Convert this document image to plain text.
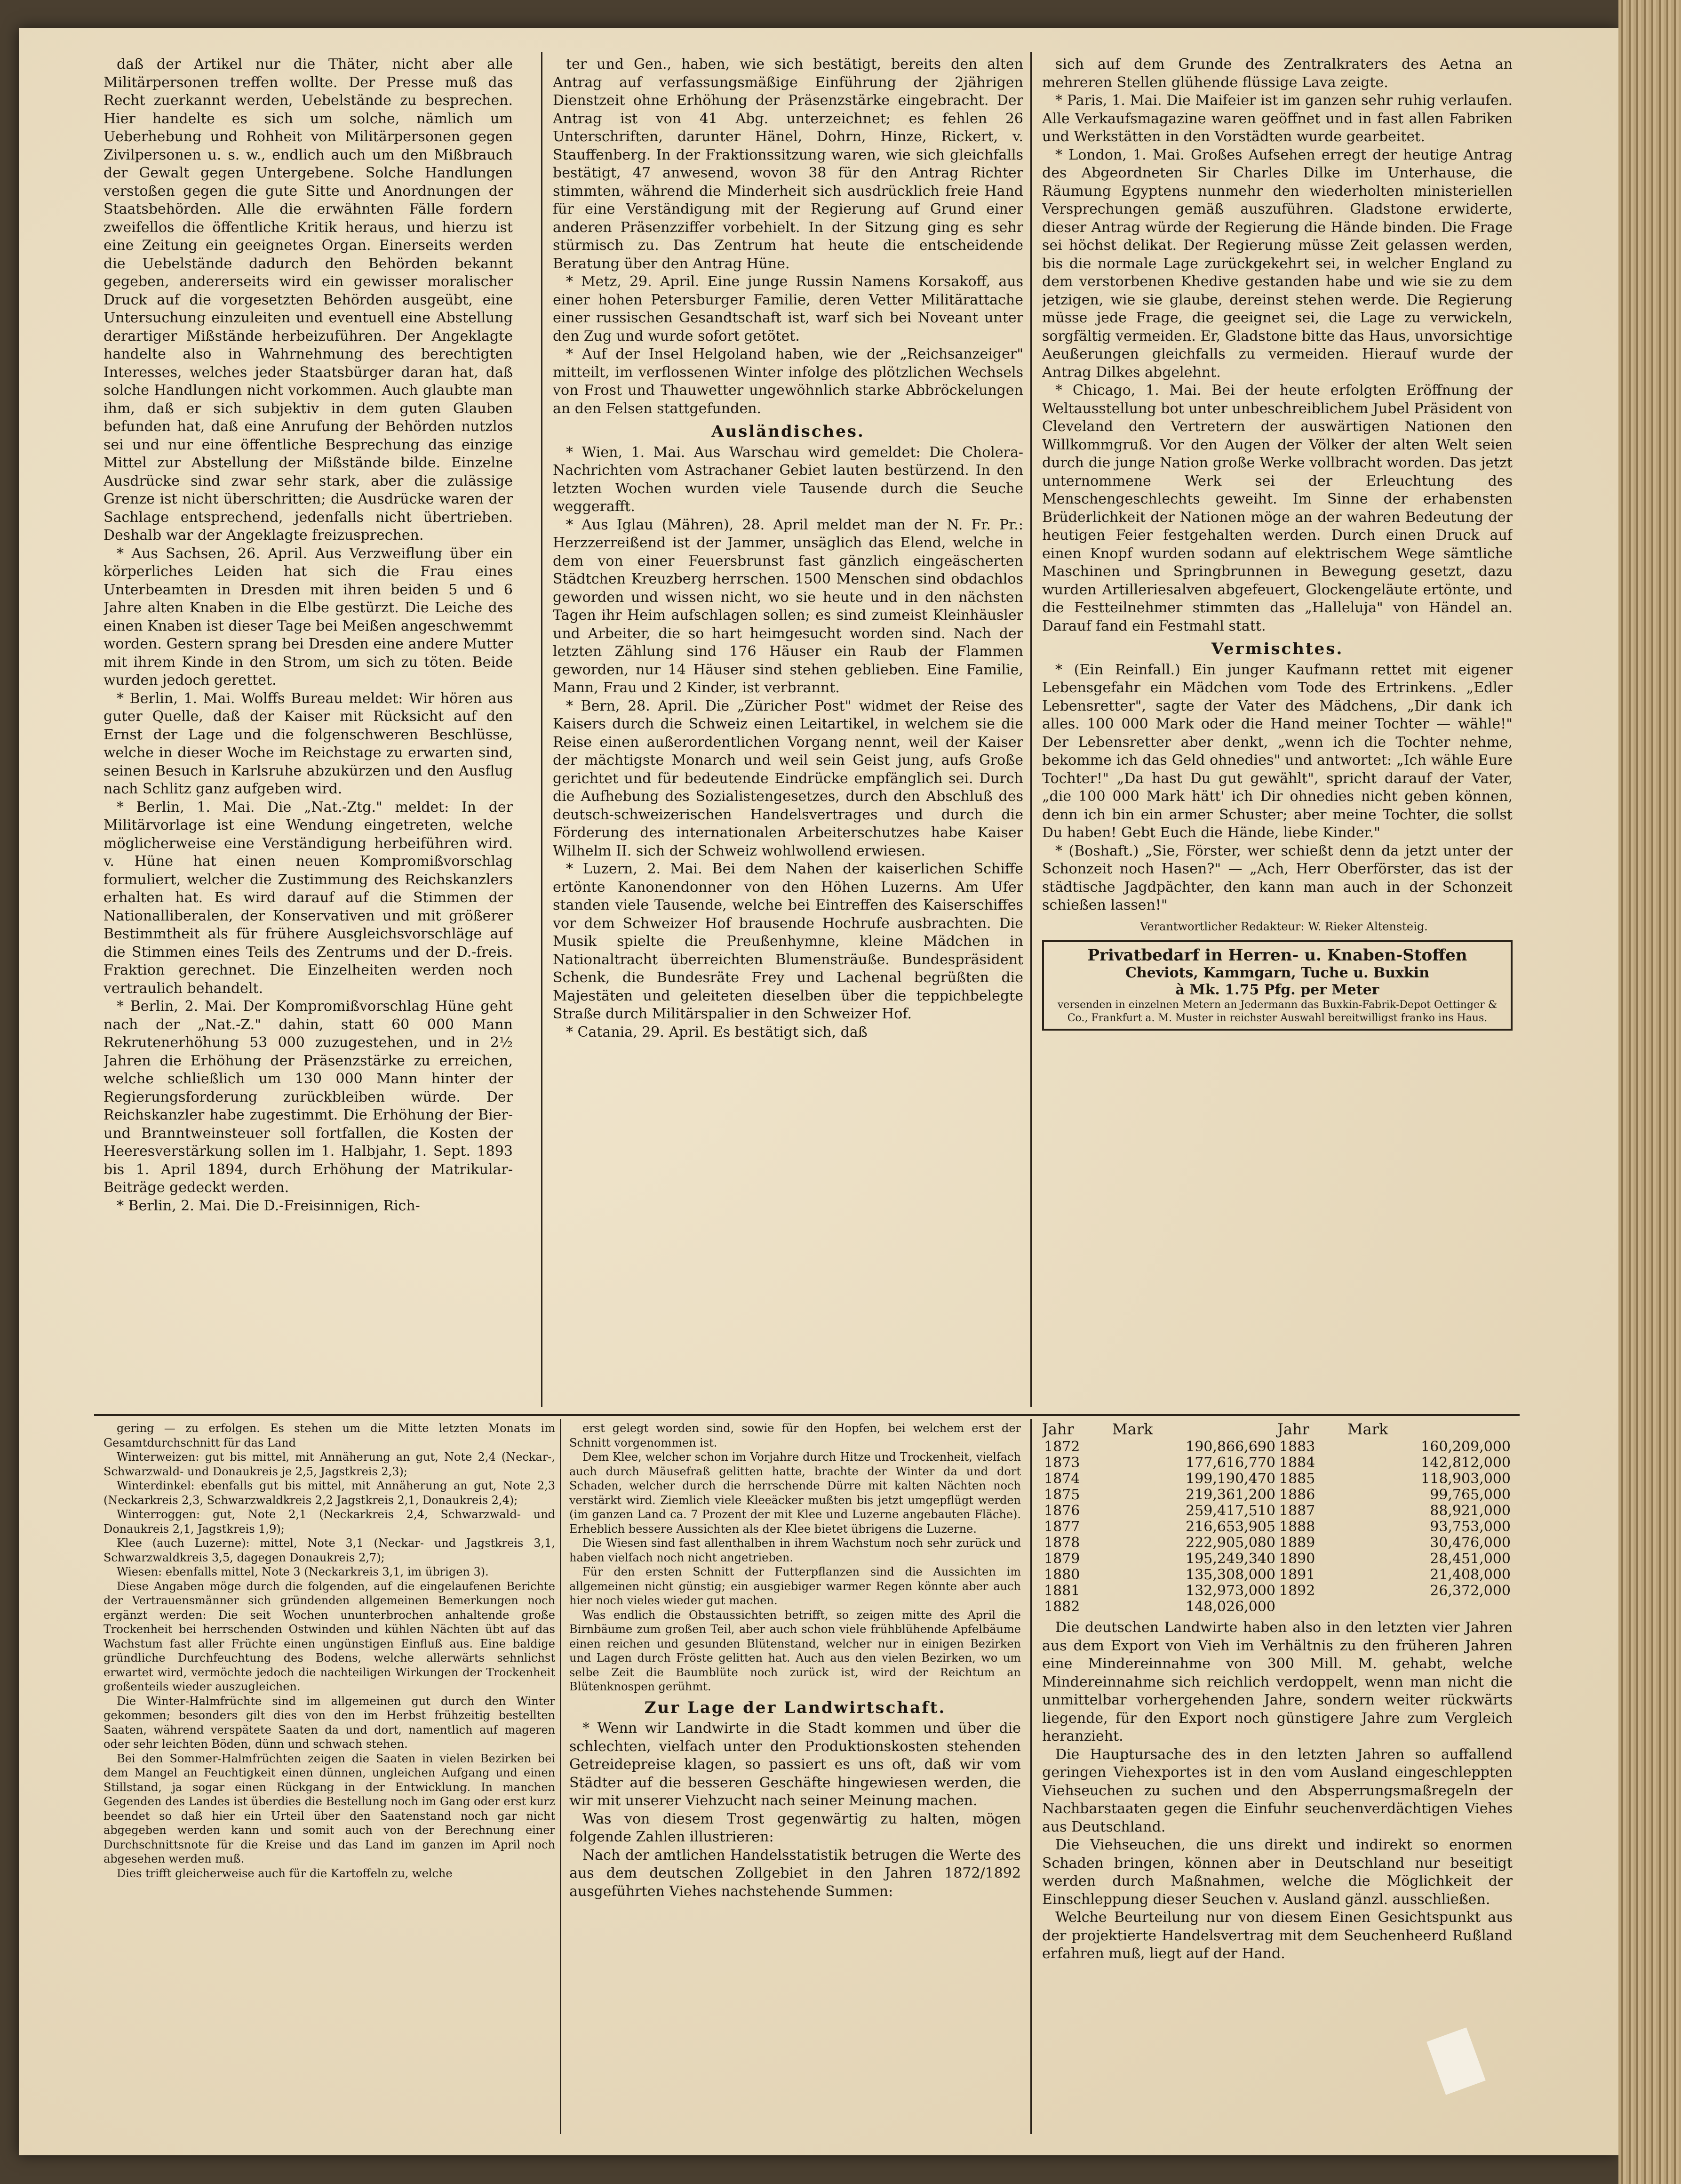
daß der Artikel nur die Thäter, nicht aber alle Militärpersonen treffen wollte. Der Presse muß das Recht zuerkannt werden, Uebelstände zu besprechen. Hier handelte es sich um solche, nämlich um Ueberhebung und Rohheit von Militärpersonen gegen Zivilpersonen u. s. w., endlich auch um den Mißbrauch der Gewalt gegen Untergebene. Solche Handlungen verstoßen gegen die gute Sitte und Anordnungen der Staatsbehörden. Alle die erwähnten Fälle fordern zweifellos die öffentliche Kritik heraus, und hierzu ist eine Zeitung ein geeignetes Organ. Einerseits werden die Uebelstände dadurch den Behörden bekannt gegeben, andererseits wird ein gewisser moralischer Druck auf die vorgesetzten Behörden ausgeübt, eine Untersuchung einzuleiten und eventuell eine Abstellung derartiger Mißstände herbeizuführen. Der Angeklagte handelte also in Wahrnehmung des berechtigten Interesses, welches jeder Staatsbürger daran hat, daß solche Handlungen nicht vorkommen. Auch glaubte man ihm, daß er sich subjektiv in dem guten Glauben befunden hat, daß eine Anrufung der Behörden nutzlos sei und nur eine öffentliche Besprechung das einzige Mittel zur Abstellung der Mißstände bilde. Einzelne Ausdrücke sind zwar sehr stark, aber die zulässige Grenze ist nicht überschritten; die Ausdrücke waren der Sachlage entsprechend, jedenfalls nicht übertrieben. Deshalb war der Angeklagte freizusprechen.

* Aus Sachsen, 26. April. Aus Verzweiflung über ein körperliches Leiden hat sich die Frau eines Unterbeamten in Dresden mit ihren beiden 5 und 6 Jahre alten Knaben in die Elbe gestürzt. Die Leiche des einen Knaben ist dieser Tage bei Meißen angeschwemmt worden. Gestern sprang bei Dresden eine andere Mutter mit ihrem Kinde in den Strom, um sich zu töten. Beide wurden jedoch gerettet.

* Berlin, 1. Mai. Wolffs Bureau meldet: Wir hören aus guter Quelle, daß der Kaiser mit Rücksicht auf den Ernst der Lage und die folgenschweren Beschlüsse, welche in dieser Woche im Reichstage zu erwarten sind, seinen Besuch in Karlsruhe abzukürzen und den Ausflug nach Schlitz ganz aufgeben wird.

* Berlin, 1. Mai. Die „Nat.-Ztg." meldet: In der Militärvorlage ist eine Wendung eingetreten, welche möglicherweise eine Verständigung herbeiführen wird. v. Hüne hat einen neuen Kompromißvorschlag formuliert, welcher die Zustimmung des Reichskanzlers erhalten hat. Es wird darauf auf die Stimmen der Nationalliberalen, der Konservativen und mit größerer Bestimmtheit als für frühere Ausgleichsvorschläge auf die Stimmen eines Teils des Zentrums und der D.-freis. Fraktion gerechnet. Die Einzelheiten werden noch vertraulich behandelt.

* Berlin, 2. Mai. Der Kompromißvorschlag Hüne geht nach der „Nat.-Z." dahin, statt 60 000 Mann Rekrutenerhöhung 53 000 zuzugestehen, und in 2½ Jahren die Erhöhung der Präsenzstärke zu erreichen, welche schließlich um 130 000 Mann hinter der Regierungsforderung zurückbleiben würde. Der Reichskanzler habe zugestimmt. Die Erhöhung der Bier- und Branntweinsteuer soll fortfallen, die Kosten der Heeresverstärkung sollen im 1. Halbjahr, 1. Sept. 1893 bis 1. April 1894, durch Erhöhung der Matrikular-Beiträge gedeckt werden.

* Berlin, 2. Mai. Die D.-Freisinnigen, Rich-

ter und Gen., haben, wie sich bestätigt, bereits den alten Antrag auf verfassungsmäßige Einführung der 2jährigen Dienstzeit ohne Erhöhung der Präsenzstärke eingebracht. Der Antrag ist von 41 Abg. unterzeichnet; es fehlen 26 Unterschriften, darunter Hänel, Dohrn, Hinze, Rickert, v. Stauffenberg. In der Fraktionssitzung waren, wie sich gleichfalls bestätigt, 47 anwesend, wovon 38 für den Antrag Richter stimmten, während die Minderheit sich ausdrücklich freie Hand für eine Verständigung mit der Regierung auf Grund einer anderen Präsenzziffer vorbehielt. In der Sitzung ging es sehr stürmisch zu. Das Zentrum hat heute die entscheidende Beratung über den Antrag Hüne.

* Metz, 29. April. Eine junge Russin Namens Korsakoff, aus einer hohen Petersburger Familie, deren Vetter Militärattache einer russischen Gesandtschaft ist, warf sich bei Noveant unter den Zug und wurde sofort getötet.

* Auf der Insel Helgoland haben, wie der „Reichsanzeiger" mitteilt, im verflossenen Winter infolge des plötzlichen Wechsels von Frost und Thauwetter ungewöhnlich starke Abbröckelungen an den Felsen stattgefunden.

Ausländisches.

* Wien, 1. Mai. Aus Warschau wird gemeldet: Die Cholera-Nachrichten vom Astrachaner Gebiet lauten bestürzend. In den letzten Wochen wurden viele Tausende durch die Seuche weggerafft.

* Aus Iglau (Mähren), 28. April meldet man der N. Fr. Pr.: Herzzerreißend ist der Jammer, unsäglich das Elend, welche in dem von einer Feuersbrunst fast gänzlich eingeäscherten Städtchen Kreuzberg herrschen. 1500 Menschen sind obdachlos geworden und wissen nicht, wo sie heute und in den nächsten Tagen ihr Heim aufschlagen sollen; es sind zumeist Kleinhäusler und Arbeiter, die so hart heimgesucht worden sind. Nach der letzten Zählung sind 176 Häuser ein Raub der Flammen geworden, nur 14 Häuser sind stehen geblieben. Eine Familie, Mann, Frau und 2 Kinder, ist verbrannt.

* Bern, 28. April. Die „Züricher Post" widmet der Reise des Kaisers durch die Schweiz einen Leitartikel, in welchem sie die Reise einen außerordentlichen Vorgang nennt, weil der Kaiser der mächtigste Monarch und weil sein Geist jung, aufs Große gerichtet und für bedeutende Eindrücke empfänglich sei. Durch die Aufhebung des Sozialistengesetzes, durch den Abschluß des deutsch-schweizerischen Handelsvertrages und durch die Förderung des internationalen Arbeiterschutzes habe Kaiser Wilhelm II. sich der Schweiz wohlwollend erwiesen.

* Luzern, 2. Mai. Bei dem Nahen der kaiserlichen Schiffe ertönte Kanonendonner von den Höhen Luzerns. Am Ufer standen viele Tausende, welche bei Eintreffen des Kaiserschiffes vor dem Schweizer Hof brausende Hochrufe ausbrachten. Die Musik spielte die Preußenhymne, kleine Mädchen in Nationaltracht überreichten Blumensträuße. Bundespräsident Schenk, die Bundesräte Frey und Lachenal begrüßten die Majestäten und geleiteten dieselben über die teppichbelegte Straße durch Militärspalier in den Schweizer Hof.

* Catania, 29. April. Es bestätigt sich, daß

sich auf dem Grunde des Zentralkraters des Aetna an mehreren Stellen glühende flüssige Lava zeigte.

* Paris, 1. Mai. Die Maifeier ist im ganzen sehr ruhig verlaufen. Alle Verkaufsmagazine waren geöffnet und in fast allen Fabriken und Werkstätten in den Vorstädten wurde gearbeitet.

* London, 1. Mai. Großes Aufsehen erregt der heutige Antrag des Abgeordneten Sir Charles Dilke im Unterhause, die Räumung Egyptens nunmehr den wiederholten ministeriellen Versprechungen gemäß auszuführen. Gladstone erwiderte, dieser Antrag würde der Regierung die Hände binden. Die Frage sei höchst delikat. Der Regierung müsse Zeit gelassen werden, bis die normale Lage zurückgekehrt sei, in welcher England zu dem verstorbenen Khedive gestanden habe und wie sie zu dem jetzigen, wie sie glaube, dereinst stehen werde. Die Regierung müsse jede Frage, die geeignet sei, die Lage zu verwickeln, sorgfältig vermeiden. Er, Gladstone bitte das Haus, unvorsichtige Aeußerungen gleichfalls zu vermeiden. Hierauf wurde der Antrag Dilkes abgelehnt.

* Chicago, 1. Mai. Bei der heute erfolgten Eröffnung der Weltausstellung bot unter unbeschreiblichem Jubel Präsident von Cleveland den Vertretern der auswärtigen Nationen den Willkommgruß. Vor den Augen der Völker der alten Welt seien durch die junge Nation große Werke vollbracht worden. Das jetzt unternommene Werk sei der Erleuchtung des Menschengeschlechts geweiht. Im Sinne der erhabensten Brüderlichkeit der Nationen möge an der wahren Bedeutung der heutigen Feier festgehalten werden. Durch einen Druck auf einen Knopf wurden sodann auf elektrischem Wege sämtliche Maschinen und Springbrunnen in Bewegung gesetzt, dazu wurden Artilleriesalven abgefeuert, Glockengeläute ertönte, und die Festteilnehmer stimmten das „Halleluja" von Händel an. Darauf fand ein Festmahl statt.

Vermischtes.

* (Ein Reinfall.) Ein junger Kaufmann rettet mit eigener Lebensgefahr ein Mädchen vom Tode des Ertrinkens. „Edler Lebensretter", sagte der Vater des Mädchens, „Dir dank ich alles. 100 000 Mark oder die Hand meiner Tochter — wähle!" Der Lebensretter aber denkt, „wenn ich die Tochter nehme, bekomme ich das Geld ohnedies" und antwortet: „Ich wähle Eure Tochter!" „Da hast Du gut gewählt", spricht darauf der Vater, „die 100 000 Mark hätt' ich Dir ohnedies nicht geben können, denn ich bin ein armer Schuster; aber meine Tochter, die sollst Du haben! Gebt Euch die Hände, liebe Kinder."

* (Boshaft.) „Sie, Förster, wer schießt denn da jetzt unter der Schonzeit noch Hasen?" — „Ach, Herr Oberförster, das ist der städtische Jagdpächter, den kann man auch in der Schonzeit schießen lassen!"

Verantwortlicher Redakteur: W. Rieker Altensteig.

Privatbedarf in Herren- u. Knaben-Stoffen
Cheviots, Kammgarn, Tuche u. Buxkin
à Mk. 1.75 Pfg. per Meter
versenden in einzelnen Metern an Jedermann das Buxkin-Fabrik-Depot Oettinger & Co., Frankfurt a. M. Muster in reichster Auswahl bereitwilligst franko ins Haus.

gering — zu erfolgen. Es stehen um die Mitte letzten Monats im Gesamtdurchschnitt für das Land

Winterweizen: gut bis mittel, mit Annäherung an gut, Note 2,4 (Neckar-, Schwarzwald- und Donaukreis je 2,5, Jagstkreis 2,3);

Winterdinkel: ebenfalls gut bis mittel, mit Annäherung an gut, Note 2,3 (Neckarkreis 2,3, Schwarzwaldkreis 2,2 Jagstkreis 2,1, Donaukreis 2,4);

Winterroggen: gut, Note 2,1 (Neckarkreis 2,4, Schwarzwald- und Donaukreis 2,1, Jagstkreis 1,9);

Klee (auch Luzerne): mittel, Note 3,1 (Neckar- und Jagstkreis 3,1, Schwarzwaldkreis 3,5, dagegen Donaukreis 2,7);

Wiesen: ebenfalls mittel, Note 3 (Neckarkreis 3,1, im übrigen 3).

Diese Angaben möge durch die folgenden, auf die eingelaufenen Berichte der Vertrauensmänner sich gründenden allgemeinen Bemerkungen noch ergänzt werden: Die seit Wochen ununterbrochen anhaltende große Trockenheit bei herrschenden Ostwinden und kühlen Nächten übt auf das Wachstum fast aller Früchte einen ungünstigen Einfluß aus. Eine baldige gründliche Durchfeuchtung des Bodens, welche allerwärts sehnlichst erwartet wird, vermöchte jedoch die nachteiligen Wirkungen der Trockenheit großenteils wieder auszugleichen.

Die Winter-Halmfrüchte sind im allgemeinen gut durch den Winter gekommen; besonders gilt dies von den im Herbst frühzeitig bestellten Saaten, während verspätete Saaten da und dort, namentlich auf mageren oder sehr leichten Böden, dünn und schwach stehen.

Bei den Sommer-Halmfrüchten zeigen die Saaten in vielen Bezirken bei dem Mangel an Feuchtigkeit einen dünnen, ungleichen Aufgang und einen Stillstand, ja sogar einen Rückgang in der Entwicklung. In manchen Gegenden des Landes ist überdies die Bestellung noch im Gang oder erst kurz beendet so daß hier ein Urteil über den Saatenstand noch gar nicht abgegeben werden kann und somit auch von der Berechnung einer Durchschnittsnote für die Kreise und das Land im ganzen im April noch abgesehen werden muß.

Dies trifft gleicherweise auch für die Kartoffeln zu, welche

erst gelegt worden sind, sowie für den Hopfen, bei welchem erst der Schnitt vorgenommen ist.

Dem Klee, welcher schon im Vorjahre durch Hitze und Trockenheit, vielfach auch durch Mäusefraß gelitten hatte, brachte der Winter da und dort Schaden, welcher durch die herrschende Dürre mit kalten Nächten noch verstärkt wird. Ziemlich viele Kleeäcker mußten bis jetzt umgepflügt werden (im ganzen Land ca. 7 Prozent der mit Klee und Luzerne angebauten Fläche). Erheblich bessere Aussichten als der Klee bietet übrigens die Luzerne.

Die Wiesen sind fast allenthalben in ihrem Wachstum noch sehr zurück und haben vielfach noch nicht angetrieben.

Für den ersten Schnitt der Futterpflanzen sind die Aussichten im allgemeinen nicht günstig; ein ausgiebiger warmer Regen könnte aber auch hier noch vieles wieder gut machen.

Was endlich die Obstaussichten betrifft, so zeigen mitte des April die Birnbäume zum großen Teil, aber auch schon viele frühblühende Apfelbäume einen reichen und gesunden Blütenstand, welcher nur in einigen Bezirken und Lagen durch Fröste gelitten hat. Auch aus den vielen Bezirken, wo um selbe Zeit die Baumblüte noch zurück ist, wird der Reichtum an Blütenknospen gerühmt.

Zur Lage der Landwirtschaft.

* Wenn wir Landwirte in die Stadt kommen und über die schlechten, vielfach unter den Produktionskosten stehenden Getreidepreise klagen, so passiert es uns oft, daß wir vom Städter auf die besseren Geschäfte hingewiesen werden, die wir mit unserer Viehzucht nach seiner Meinung machen.

Was von diesem Trost gegenwärtig zu halten, mögen folgende Zahlen illustrieren:

Nach der amtlichen Handelsstatistik betrugen die Werte des aus dem deutschen Zollgebiet in den Jahren 1872/1892 ausgeführten Viehes nachstehende Summen:

Jahr	Mark	Jahr	Mark
1872	190,866,690	1883	160,209,000
1873	177,616,770	1884	142,812,000
1874	199,190,470	1885	118,903,000
1875	219,361,200	1886	99,765,000
1876	259,417,510	1887	88,921,000
1877	216,653,905	1888	93,753,000
1878	222,905,080	1889	30,476,000
1879	195,249,340	1890	28,451,000
1880	135,308,000	1891	21,408,000
1881	132,973,000	1892	26,372,000
1882	148,026,000		

Die deutschen Landwirte haben also in den letzten vier Jahren aus dem Export von Vieh im Verhältnis zu den früheren Jahren eine Mindereinnahme von 300 Mill. M. gehabt, welche Mindereinnahme sich reichlich verdoppelt, wenn man nicht die unmittelbar vorhergehenden Jahre, sondern weiter rückwärts liegende, für den Export noch günstigere Jahre zum Vergleich heranzieht.

Die Hauptursache des in den letzten Jahren so auffallend geringen Viehexportes ist in den vom Ausland eingeschleppten Viehseuchen zu suchen und den Absperrungsmaßregeln der Nachbarstaaten gegen die Einfuhr seuchenverdächtigen Viehes aus Deutschland.

Die Viehseuchen, die uns direkt und indirekt so enormen Schaden bringen, können aber in Deutschland nur beseitigt werden durch Maßnahmen, welche die Möglichkeit der Einschleppung dieser Seuchen v. Ausland gänzl. ausschließen.

Welche Beurteilung nur von diesem Einen Gesichtspunkt aus der projektierte Handelsvertrag mit dem Seuchenheerd Rußland erfahren muß, liegt auf der Hand.
